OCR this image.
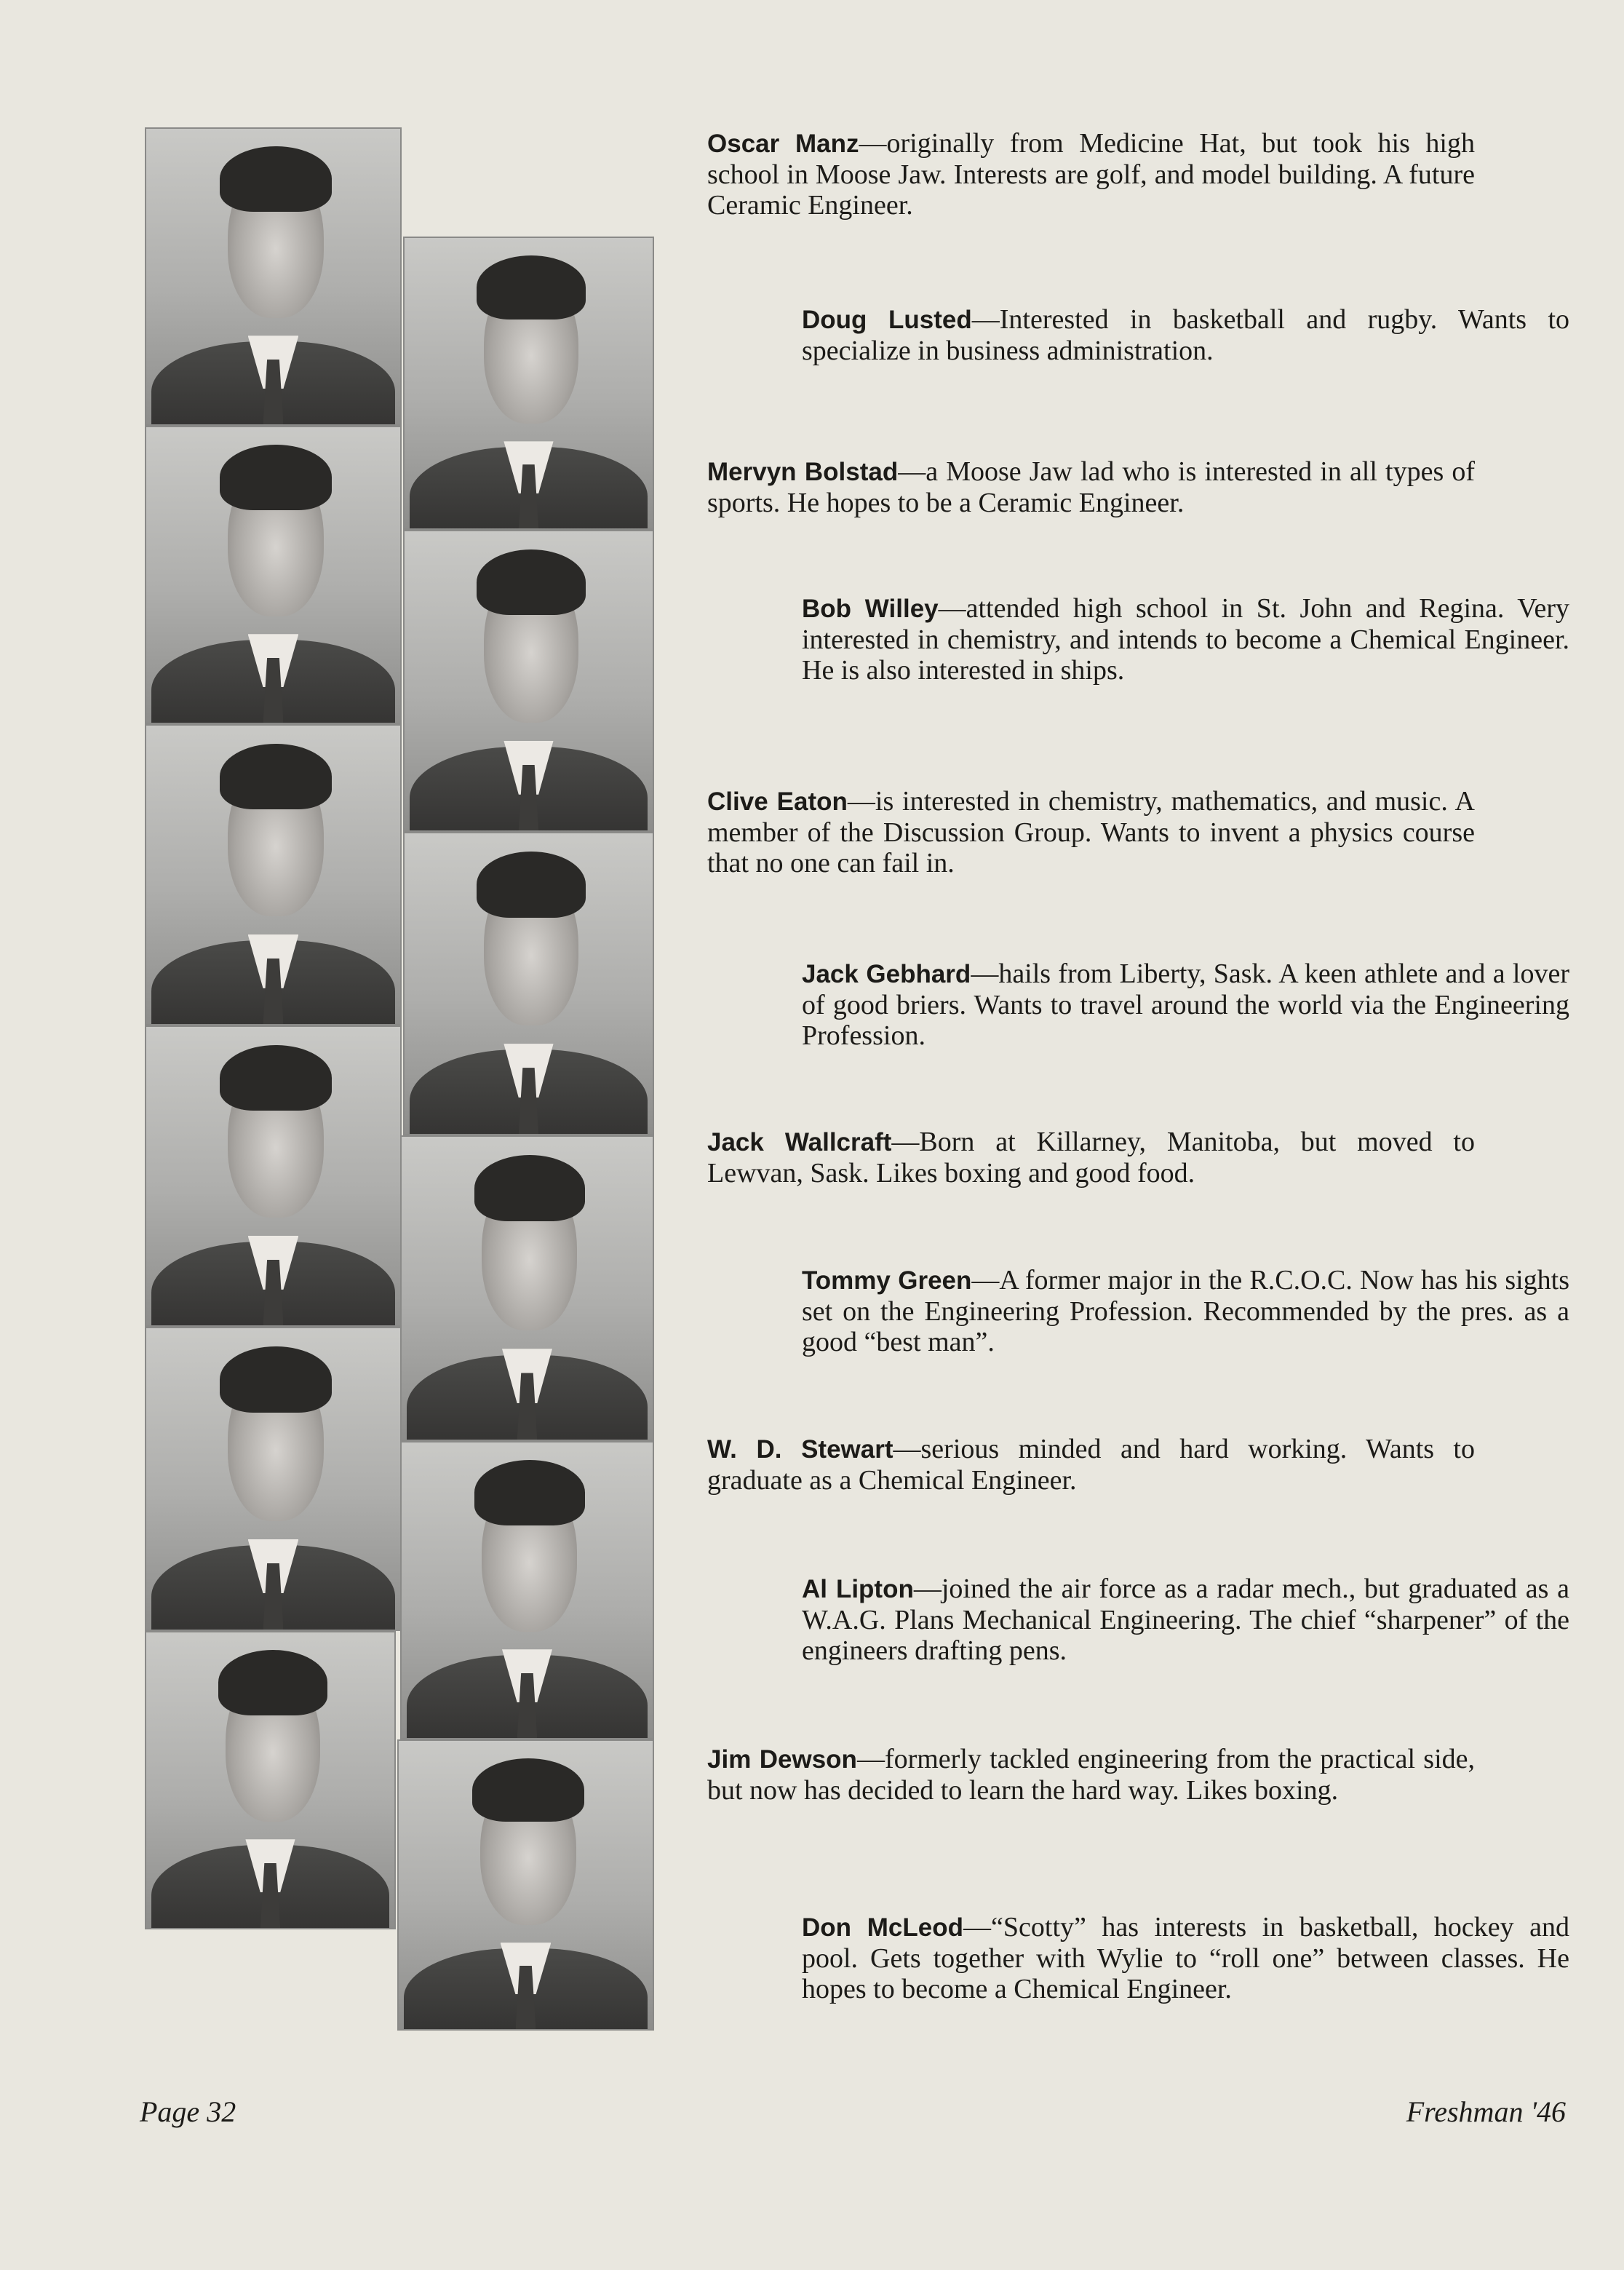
Oscar Manz—originally from Medicine Hat, but took his high school in Moose Jaw. Interests are golf, and model building. A future Ceramic Engineer.
Doug Lusted—Interested in basketball and rugby. Wants to specialize in business administration.
Mervyn Bolstad—a Moose Jaw lad who is interested in all types of sports. He hopes to be a Ceramic Engineer.
Bob Willey—attended high school in St. John and Regina. Very interested in chemistry, and intends to become a Chemical Engineer. He is also interested in ships.
Clive Eaton—is interested in chemistry, mathematics, and music. A member of the Discussion Group. Wants to invent a physics course that no one can fail in.
Jack Gebhard—hails from Liberty, Sask. A keen athlete and a lover of good briers. Wants to travel around the world via the Engineering Profession.
Jack Wallcraft—Born at Killarney, Manitoba, but moved to Lewvan, Sask. Likes boxing and good food.
Tommy Green—A former major in the R.C.O.C. Now has his sights set on the Engineering Profession. Recommended by the pres. as a good “best man”.
W. D. Stewart—serious minded and hard working. Wants to graduate as a Chemical Engineer.
Al Lipton—joined the air force as a radar mech., but graduated as a W.A.G. Plans Mechanical Engineering. The chief “sharpener” of the engineers drafting pens.
Jim Dewson—formerly tackled engineering from the practical side, but now has decided to learn the hard way. Likes boxing.
Don McLeod—“Scotty” has interests in basketball, hockey and pool. Gets together with Wylie to “roll one” between classes. He hopes to become a Chemical Engineer.
Page 32	Freshman '46
